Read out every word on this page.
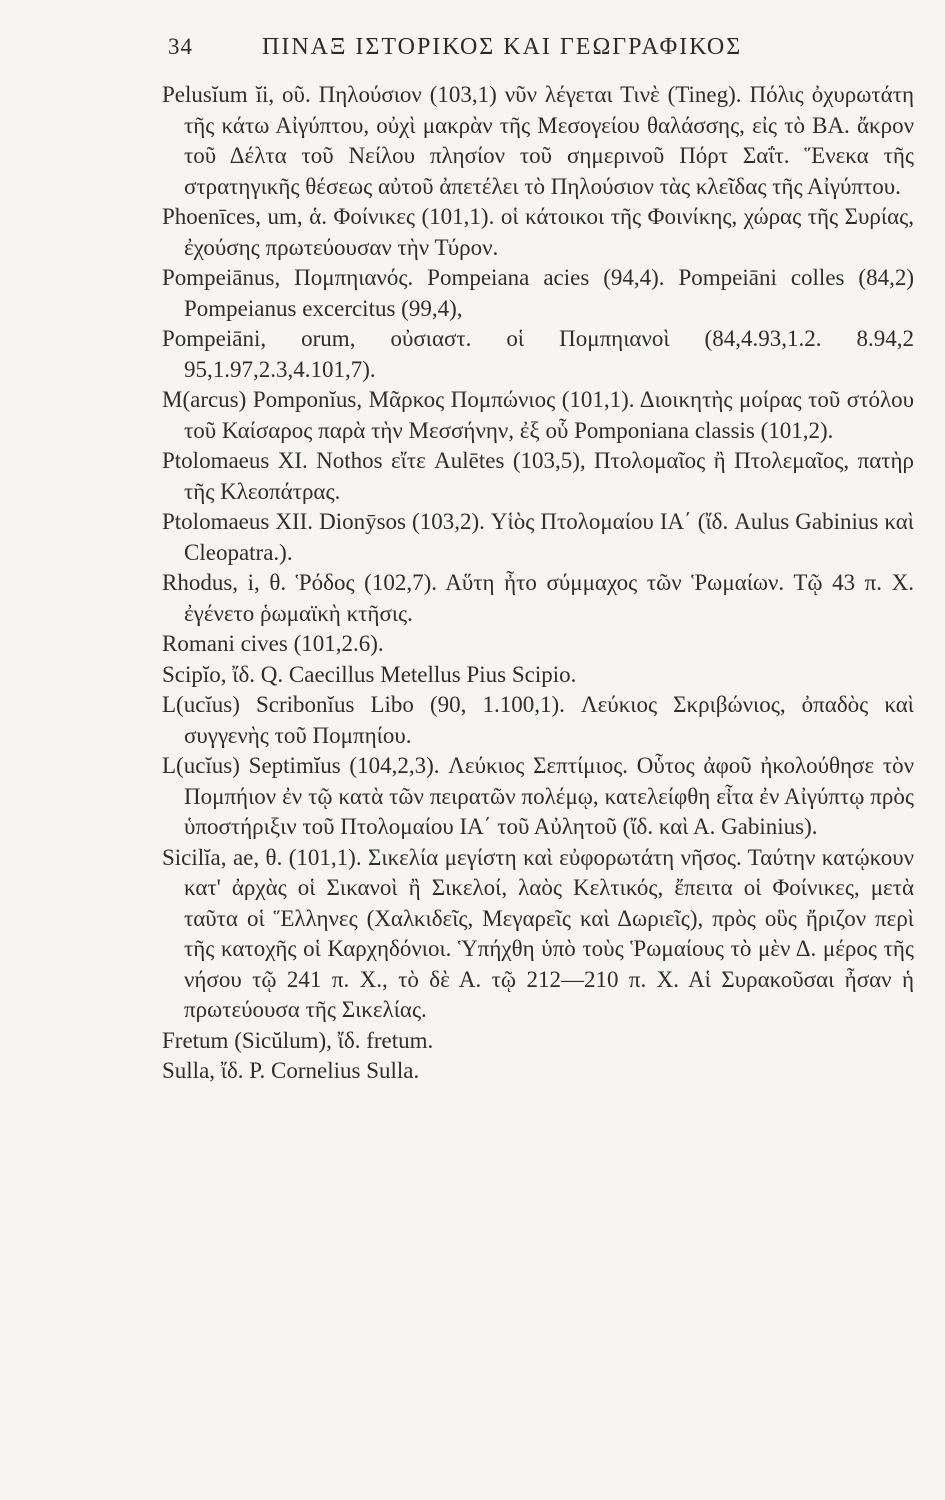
34	ΠΙΝΑΞ ΙΣΤΟΡΙΚΟΣ ΚΑΙ ΓΕΩΓΡΑΦΙΚΟΣ

Pelusĭum ĭi, οῦ. Πηλούσιον (103,1) νῦν λέγεται Τινὲ (Tineg). Πόλις ὀχυρωτάτη τῆς κάτω Αἰγύπτου, οὐχὶ μακρὰν τῆς Μεσογείου θαλάσσης, εἰς τὸ ΒΑ. ἄκρον τοῦ Δέλτα τοῦ Νείλου πλησίον τοῦ σημερινοῦ Πόρτ Σαΐτ. Ἕνεκα τῆς στρατηγικῆς θέσεως αὐτοῦ ἀπετέλει τὸ Πηλούσιον τὰς κλεῖδας τῆς Αἰγύπτου.

Phoenīces, um, ἁ. Φοίνικες (101,1). οἱ κάτοικοι τῆς Φοινίκης, χώρας τῆς Συρίας, ἐχούσης πρωτεύουσαν τὴν Τύρον.

Pompeiānus, Πομπηιανός. Pompeiana acies (94,4). Pompeiāni colles (84,2) Pompeianus excercitus (99,4),

Pompeiāni, orum, οὐσιαστ. οἱ Πομπηιανοὶ (84,4.93,1.2. 8.94,2 95,1.97,2.3,4.101,7).

M(arcus) Pomponĭus, Μᾶρκος Πομπώνιος (101,1). Διοικητὴς μοίρας τοῦ στόλου τοῦ Καίσαρος παρὰ τὴν Μεσσήνην, ἐξ οὗ Pomponiana classis (101,2).

Ptolomaeus XI. Nothos εἴτε Aulētes (103,5), Πτολομαῖος ἢ Πτολεμαῖος, πατὴρ τῆς Κλεοπάτρας.

Ptolomaeus XII. Dionȳsos (103,2). Υἱὸς Πτολομαίου ΙΑ΄ (ἴδ. Aulus Gabinius καὶ Cleopatra.).

Rhodus, i, θ. Ῥόδος (102,7). Αὕτη ἦτο σύμμαχος τῶν Ῥωμαίων. Τῷ 43 π. Χ. ἐγένετο ῥωμαϊκὴ κτῆσις.

Romani cives (101,2.6).

Scipĭo, ἴδ. Q. Caecillus Metellus Pius Scipio.

L(ucĭus) Scribonĭus Libo (90, 1.100,1). Λεύκιος Σκριβώνιος, ὀπαδὸς καὶ συγγενὴς τοῦ Πομπηίου.

L(ucĭus) Septimĭus (104,2,3). Λεύκιος Σεπτίμιος. Οὗτος ἀφοῦ ἠκολούθησε τὸν Πομπήιον ἐν τῷ κατὰ τῶν πειρατῶν πολέμῳ, κατελείφθη εἶτα ἐν Αἰγύπτῳ πρὸς ὑποστήριξιν τοῦ Πτολομαίου ΙΑ΄ τοῦ Αὐλητοῦ (ἴδ. καὶ Α. Gabinius).

Sicilĭa, ae, θ. (101,1). Σικελία μεγίστη καὶ εὐφορωτάτη νῆσος. Ταύτην κατῴκουν κατ' ἀρχὰς οἱ Σικανοὶ ἢ Σικελοί, λαὸς Κελτικός, ἔπειτα οἱ Φοίνικες, μετὰ ταῦτα οἱ Ἕλληνες (Χαλκιδεῖς, Μεγαρεῖς καὶ Δωριεῖς), πρὸς οὓς ἤριζον περὶ τῆς κατοχῆς οἱ Καρχηδόνιοι. Ὑπήχθη ὑπὸ τοὺς Ῥωμαίους τὸ μὲν Δ. μέρος τῆς νήσου τῷ 241 π. Χ., τὸ δὲ Α. τῷ 212—210 π. Χ. Αἱ Συρακοῦσαι ἦσαν ἡ πρωτεύουσα τῆς Σικελίας.

Fretum (Sicŭlum), ἴδ. fretum.

Sulla, ἴδ. P. Cornelius Sulla.
